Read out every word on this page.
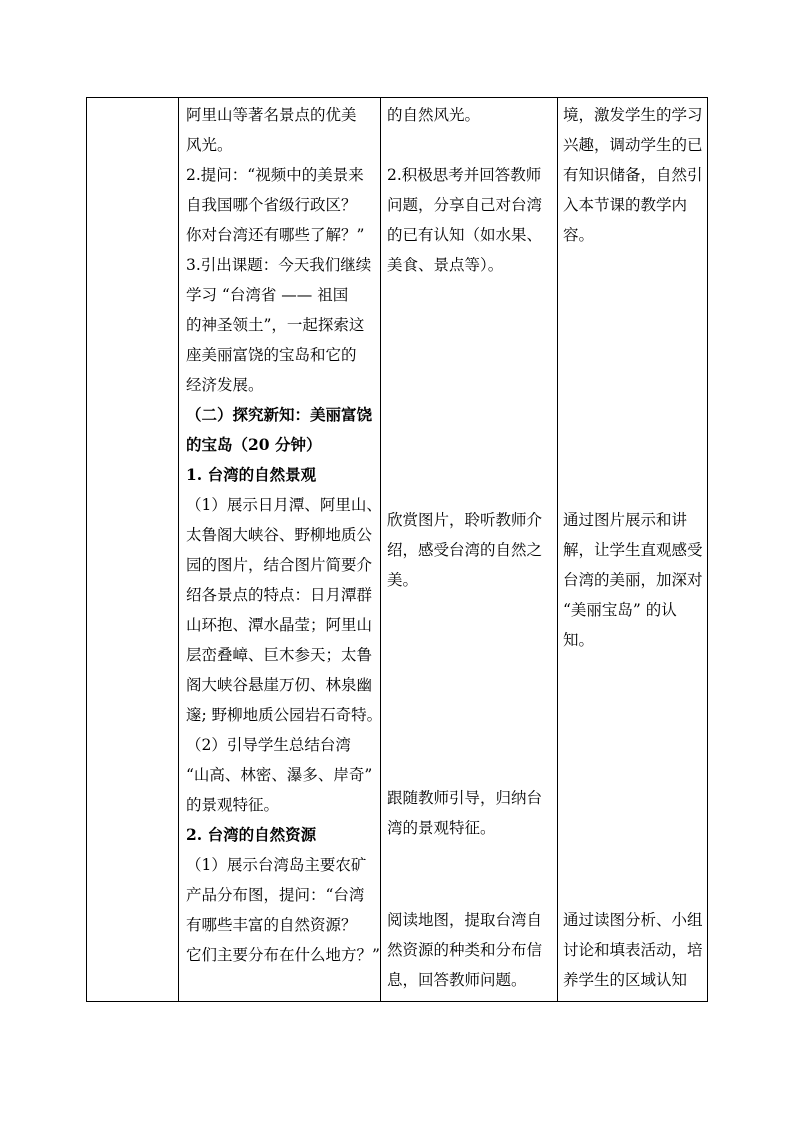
阿里山等著名景点的优美
风光。
2.提问：“视频中的美景来
自我国哪个省级行政区？
你对台湾还有哪些了解？”
3.引出课题：今天我们继续
学习 “台湾省 —— 祖国
的神圣领土”，一起探索这
座美丽富饶的宝岛和它的
经济发展。
（二）探究新知：美丽富饶
的宝岛（20 分钟）
1. 台湾的自然景观
（1）展示日月潭、阿里山、
太鲁阁大峡谷、野柳地质公
园的图片，结合图片简要介
绍各景点的特点：日月潭群
山环抱、潭水晶莹；阿里山
层峦叠嶂、巨木参天；太鲁
阁大峡谷悬崖万仞、林泉幽
邃; 野柳地质公园岩石奇特。
（2）引导学生总结台湾
“山高、林密、瀑多、岸奇”
的景观特征。
2. 台湾的自然资源
（1）展示台湾岛主要农矿
产品分布图，提问：“台湾
有哪些丰富的自然资源？
它们主要分布在什么地方？”
的自然风光。
2.积极思考并回答教师
问题，分享自己对台湾
的已有认知（如水果、
美食、景点等）。
欣赏图片，聆听教师介
绍，感受台湾的自然之
美。
跟随教师引导，归纳台
湾的景观特征。
阅读地图，提取台湾自
然资源的种类和分布信
息，回答教师问题。
境，激发学生的学习
兴趣，调动学生的已
有知识储备，自然引
入本节课的教学内
容。
通过图片展示和讲
解，让学生直观感受
台湾的美丽，加深对
“美丽宝岛” 的认
知。
通过读图分析、小组
讨论和填表活动，培
养学生的区域认知
